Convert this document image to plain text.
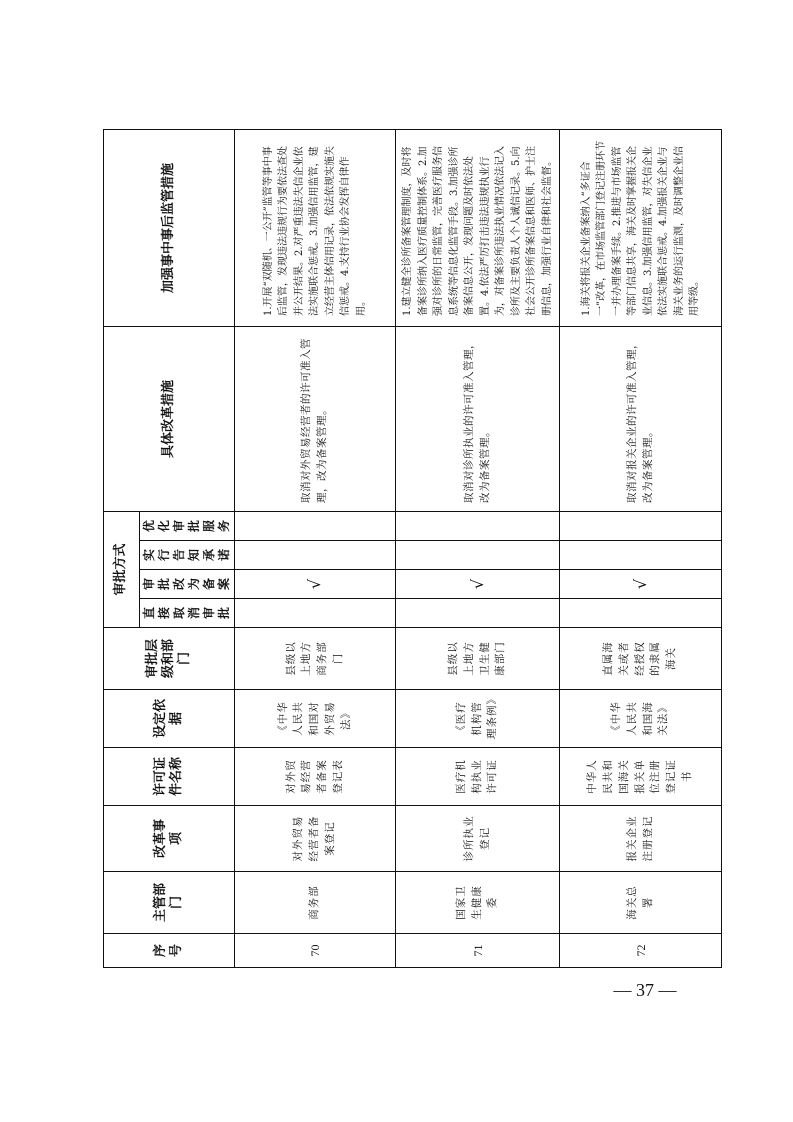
序号	主管部门	改革事项	许可证件名称	设定依据	审批层级和部门	审批方式				具体改革措施	加强事中事后监管措施
						直接取消审批	审批改为备案	实行告知承诺	优化审批服务		
70	商务部	对外贸易经营者备案登记	对外贸易经营者备案登记表	《中华人民共和国对外贸易法》	县级以上地方商务部门		√			取消对外贸易经营者的许可准入管理，改为备案管理。	1.开展“双随机、一公开”监管等事中事后监管，发现违法违规行为要依法查处并公开结果。2.对严重违法失信企业依法实施联合惩戒。3.加强信用监管，建立经营主体信用记录，依法依规实施失信惩戒。4.支持行业协会发挥自律作用。
71	国家卫生健康委	诊所执业登记	医疗机构执业许可证	《医疗机构管理条例》	县级以上地方卫生健康部门		√			取消对诊所执业的许可准入管理，改为备案管理。	1.建立健全诊所备案管理制度，及时将备案诊所纳入医疗质量控制体系。2.加强对诊所的日常监管，完善医疗服务信息系统等信息化监管手段。3.加强诊所备案信息公开，发现问题及时依法处置。4.依法严厉打击违法违规执业行为，对备案诊所违法执业情况依法记入诊所及主要负责人个人诚信记录。5.向社会公开诊所备案信息和医师、护士注册信息，加强行业自律和社会监督。
72	海关总署	报关企业注册登记	中华人民共和国海关报关单位注册登记证书	《中华人民共和国海关法》	直属海关或者经授权的隶属海关		√			取消对报关企业的许可准入管理，改为备案管理。	1.海关将报关企业备案纳入“多证合一”改革，在市场监管部门登记注册环节一并办理备案手续。2.推进与市场监管等部门信息共享，海关及时掌握报关企业信息。3.加强信用监管，对失信企业依法实施联合惩戒。4.加强报关企业与海关业务的运行监测，及时调整企业信用等级。
— 37 —
